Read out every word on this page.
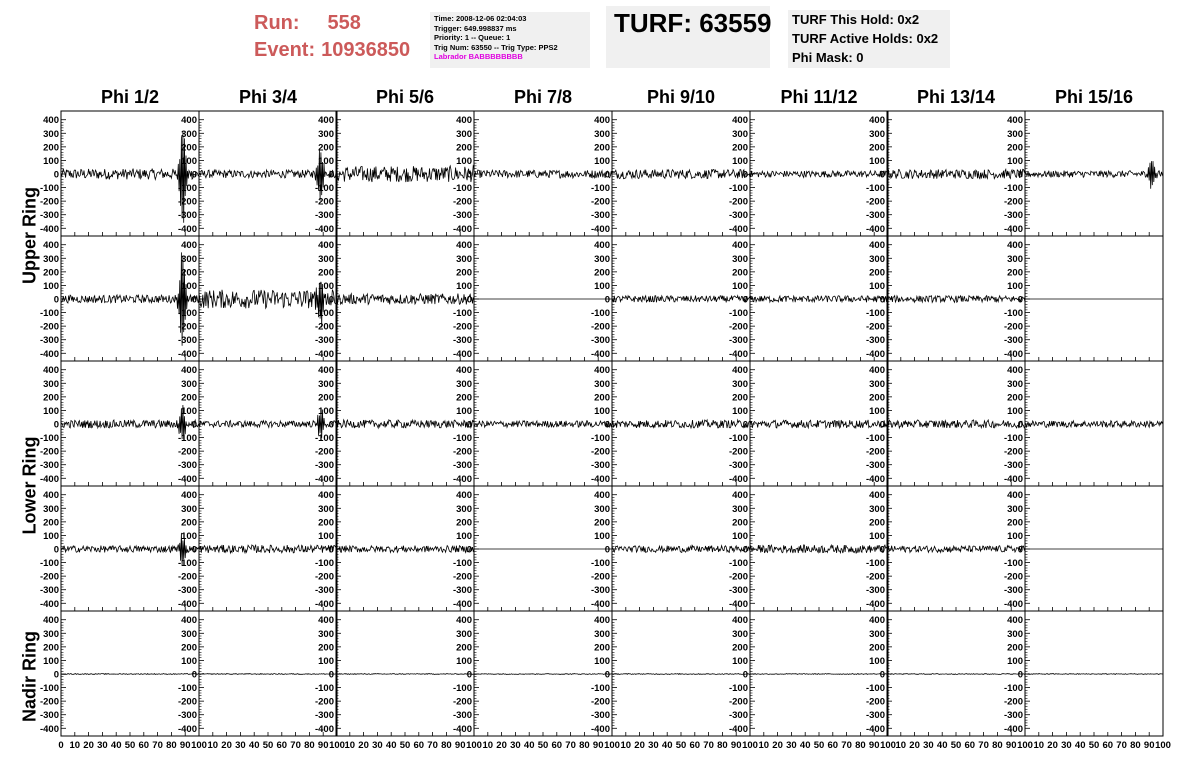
Run: 558
Event: 10936850
Time: 2008-12-06 02:04:03
Trigger: 649.998837 ms
Priority: 1 -- Queue: 1
Trig Num: 63550 -- Trig Type: PPS2
Labrador BABBBBBBBB
TURF: 63559 TURF This Hold: 0x2
TURF Active Holds: 0x2
Phi Mask: 0
Phi 1/2	Phi 3/4	Phi 5/6	Phi 7/8	Phi 9/10	Phi 11/12	Phi 13/14	Phi 15/16
Upper Ring
Lower Ring
Nadir Ring
400
300
200
100
0
-100
-200
-300
-400
400
300
200
100
0
-100
-200
-300
-400
400
300
200
100
0
-100
-200
-300
-400
400
300
200
100
0
-100
-200
-300
-400
400
300
200
100
0
-100
-200
-300
-400
400
300
200
100
0
-100
-200
-300
-400
400
300
200
100
0
-100
-200
-300
-400
400
300
200
100
0
-100
-200
-300
-400
400
300
200
100
0
-100
-200
-300
-400
400
300
200
100
0
-100
-200
-300
-400
400
300
200
100
0
-100
-200
-300
-400
400
300
200
100
0
-100
-200
-300
-400
400
300
200
100
0
-100
-200
-300
-400
400
300
200
100
0
-100
-200
-300
-400
400
300
200
100
0
-100
-200
-300
-400
400
300
200
100
0
-100
-200
-300
-400
400
300
200
100
0
-100
-200
-300
-400
400
300
200
100
0
-100
-200
-300
-400
400
300
200
100
0
-100
-200
-300
-400
400
300
200
100
0
-100
-200
-300
-400
400
300
200
100
0
-100
-200
-300
-400
400
300
200
100
0
-100
-200
-300
-400
400
300
200
100
0
-100
-200
-300
-400
400
300
200
100
0
-100
-200
-300
-400
400
300
200
100
0
-100
-200
-300
-400
400
300
200
100
0
-100
-200
-300
-400
400
300
200
100
0
-100
-200
-300
-400
400
300
200
100
0
-100
-200
-300
-400
400
300
200
100
0
-100
-200
-300
-400
400
300
200
100
0
-100
-200
-300
-400
400
300
200
100
0
-100
-200
-300
-400
400
300
200
100
0
-100
-200
-300
-400
400
300
200
100
0
-100
-200
-300
-400
400
300
200
100
0
-100
-200
-300
-400
400
300
200
100
0
-100
-200
-300
-400
400
300
200
100
0
-100
-200
-300
-400
400
300
200
100
0
-100
-200
-300
-400
400
300
200
100
0
-100
-200
-300
-400
400
300
200
100
0
-100
-200
-300
-400
400
300
200
100
0
-100
-200
-300
-400
0 10 20 30 40 50 60 70 80 90 100 10 20 30 40 50 60 70 80 90 100 10 20 30 40 50 60 70 80 90 100 10 20 30 40 50 60 70 80 90 100 10 20 30 40 50 60 70 80 90 100 10 20 30 40 50 60 70 80 90 100 10 20 30 40 50 60 70 80 90 100 10 20 30 40 50 60 70 80 90 100
